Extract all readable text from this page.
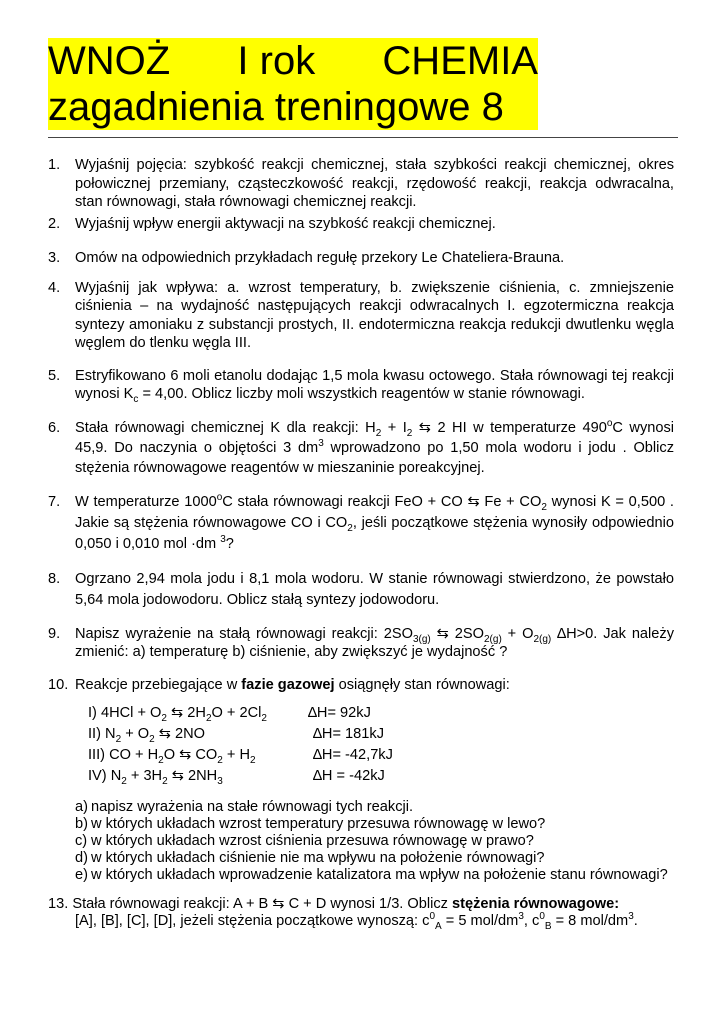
WNOŻ I rok CHEMIA
zagadnienia treningowe 8
1. Wyjaśnij pojęcia: szybkość reakcji chemicznej, stała szybkości reakcji chemicznej, okres połowicznej przemiany, cząsteczkowość reakcji, rzędowość reakcji, reakcja odwracalna, stan równowagi, stała równowagi chemicznej reakcji.
2. Wyjaśnij wpływ energii aktywacji na szybkość reakcji chemicznej.
3. Omów na odpowiednich przykładach regułę przekory Le Chateliera-Brauna.
4. Wyjaśnij jak wpływa: a. wzrost temperatury, b. zwiększenie ciśnienia, c. zmniejszenie ciśnienia – na wydajność następujących reakcji odwracalnych I. egzotermiczna reakcja syntezy amoniaku z substancji prostych, II. endotermiczna reakcja redukcji dwutlenku węgla węglem do tlenku węgla III.
5. Estryfikowano 6 moli etanolu dodając 1,5 mola kwasu octowego. Stała równowagi tej reakcji wynosi $K_c = 4,00$. Oblicz liczby moli wszystkich reagentów w stanie równowagi.
6. Stała równowagi chemicznej K dla reakcji: $H_2 + I_2$ ⇆ 2 HI w temperaturze 490$^o$C wynosi 45,9. Do naczynia o objętości 3 $dm^3$ wprowadzono po 1,50 mola wodoru i jodu . Oblicz stężenia równowagowe reagentów w mieszaninie poreakcyjnej.
7. W temperaturze 1000$^o$C stała równowagi reakcji FeO + CO ⇆ $Fe + CO_2$ wynosi K = 0,500 . Jakie są stężenia równowagowe CO i $CO_2$, jeśli początkowe stężenia wynosiły odpowiednio 0,050 i 0,010 mol ·dm $^3$?
8. Ogrzano 2,94 mola jodu i 8,1 mola wodoru. W stanie równowagi stwierdzono, że powstało 5,64 mola jodowodoru. Oblicz stałą syntezy jodowodoru.
9. Napisz wyrażenie na stałą równowagi reakcji: $2SO_{3(g)}$ ⇆ $2SO_{2(g)} + O_{2(g)}$ ∆H>0. Jak należy zmienić: a) temperaturę b) ciśnienie, aby zwiększyć je wydajność ?
10. Reakcje przebiegające w fazie gazowej osiągnęły stan równowagi:
I) $4HCl + O_2$ ⇆ $2H_2O + 2Cl_2$	∆H= 92kJ
II) $N_2 + O_2$ ⇆ 2NO	∆H= 181kJ
III) CO + $H_2O$ ⇆ $CO_2 + H_2$	∆H= -42,7kJ
IV) $N_2 + 3H_2$ ⇆ $2NH_3$	∆H = -42kJ
a) napisz wyrażenia na stałe równowagi tych reakcji.
b) w których układach wzrost temperatury przesuwa równowagę w lewo?
c) w których układach wzrost ciśnienia przesuwa równowagę w prawo?
d) w których układach ciśnienie nie ma wpływu na położenie równowagi?
e) w których układach wprowadzenie katalizatora ma wpływ na położenie stanu równowagi?
13. Stała równowagi reakcji: A + B ⇆ C + D wynosi 1/3. Oblicz stężenia równowagowe:
[A], [B], [C], [D], jeżeli stężenia początkowe wynoszą: $c^0_A = 5$ mol/$dm^3$, $c^0_B = 8$ mol/$dm^3$.
